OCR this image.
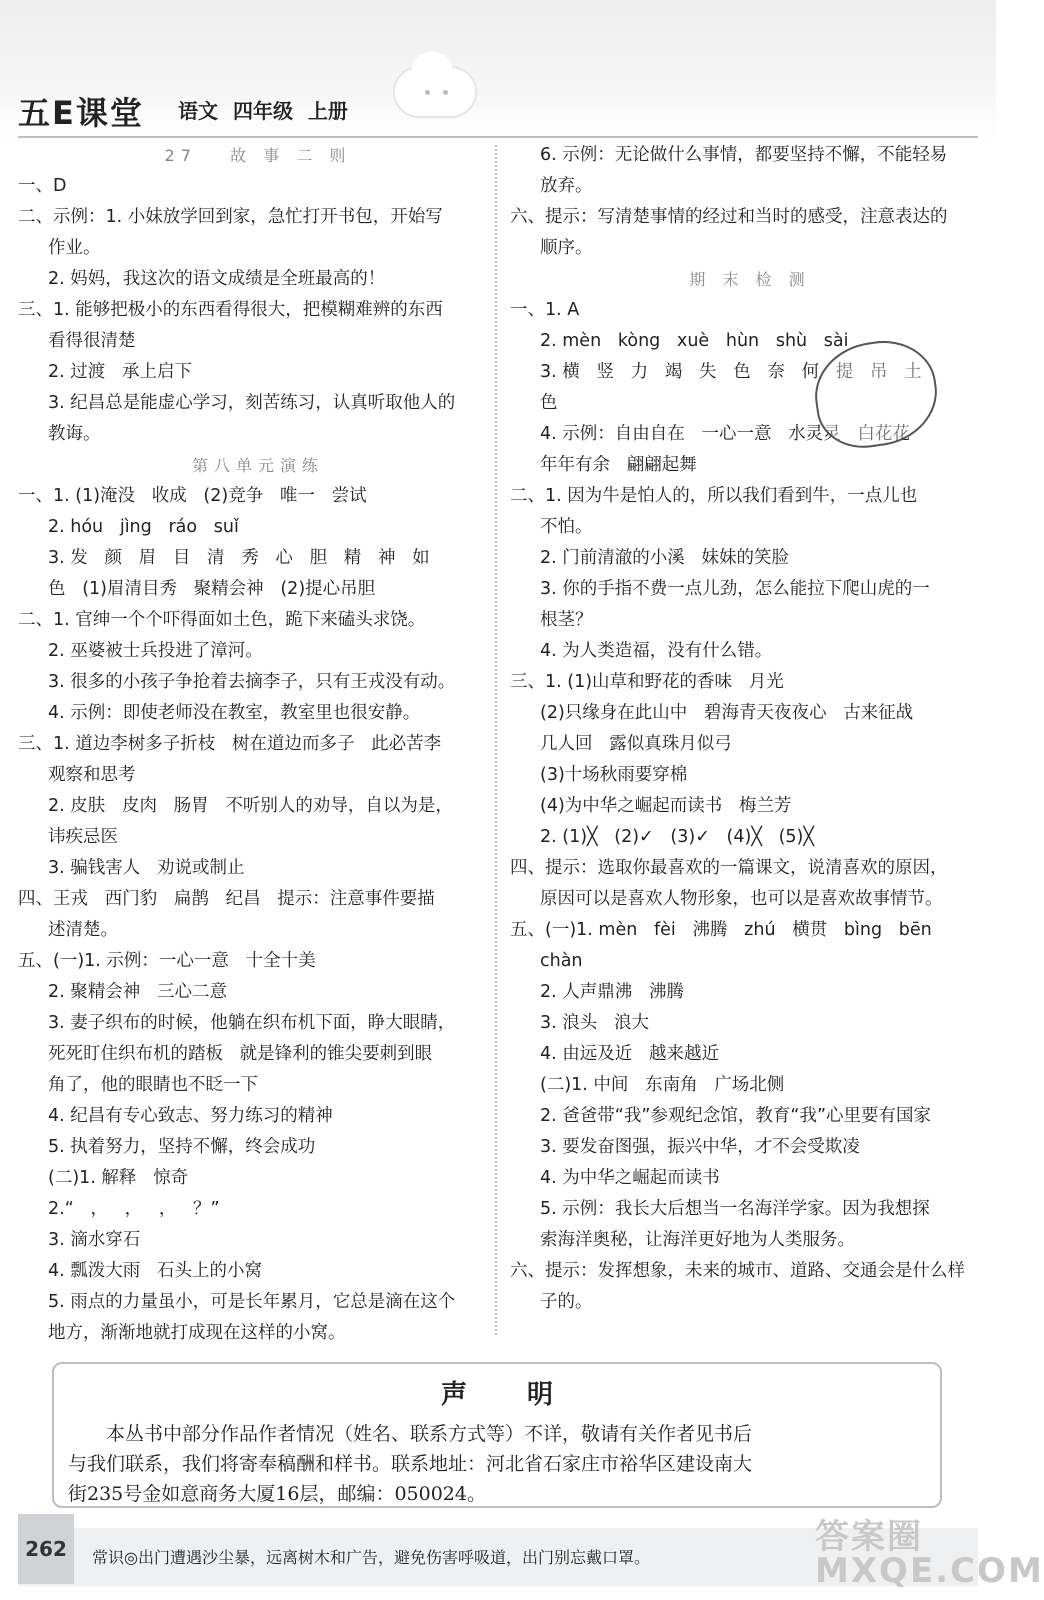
五E课堂 语文 四年级 上册
27   故 事 二 则
一、D
二、示例：1. 小妹放学回到家，急忙打开书包，开始写
作业。
2. 妈妈，我这次的语文成绩是全班最高的！
三、1. 能够把极小的东西看得很大，把模糊难辨的东西
看得很清楚
2. 过渡   承上启下
3. 纪昌总是能虚心学习，刻苦练习，认真听取他人的
教诲。
第八单元演练
一、1. (1)淹没   收成   (2)竞争   唯一   尝试
2. hóu   jìng   ráo   suǐ
3. 发   颜   眉   目   清   秀   心   胆   精   神   如
色   (1)眉清目秀   聚精会神   (2)提心吊胆
二、1. 官绅一个个吓得面如土色，跪下来磕头求饶。
2. 巫婆被士兵投进了漳河。
3. 很多的小孩子争抢着去摘李子，只有王戎没有动。
4. 示例：即使老师没在教室，教室里也很安静。
三、1. 道边李树多子折枝   树在道边而多子   此必苦李
观察和思考
2. 皮肤   皮肉   肠胃   不听别人的劝导，自以为是，
讳疾忌医
3. 骗钱害人   劝说或制止
四、王戎   西门豹   扁鹊   纪昌   提示：注意事件要描
述清楚。
五、(一)1. 示例：一心一意   十全十美
2. 聚精会神   三心二意
3. 妻子织布的时候，他躺在织布机下面，睁大眼睛，
死死盯住织布机的踏板   就是锋利的锥尖要刺到眼
角了，他的眼睛也不眨一下
4. 纪昌有专心致志、努力练习的精神
5. 执着努力，坚持不懈，终会成功
(二)1. 解释   惊奇
2.“   ，   ，   ，   ？”
3. 滴水穿石
4. 瓢泼大雨   石头上的小窝
5. 雨点的力量虽小，可是长年累月，它总是滴在这个
地方，渐渐地就打成现在这样的小窝。
6. 示例：无论做什么事情，都要坚持不懈，不能轻易
放弃。
六、提示：写清楚事情的经过和当时的感受，注意表达的
顺序。
期 末 检 测
一、1. A
2. mèn   kòng   xuè   hùn   shù   sài
3. 横   竖   力   竭   失   色   奈   何   提   吊   土
色
4. 示例：自由自在   一心一意   水灵灵   白花花
年年有余   翩翩起舞
二、1. 因为牛是怕人的，所以我们看到牛，一点儿也
不怕。
2. 门前清澈的小溪   妹妹的笑脸
3. 你的手指不费一点儿劲，怎么能拉下爬山虎的一
根茎？
4. 为人类造福，没有什么错。
三、1. (1)山草和野花的香味   月光
(2)只缘身在此山中   碧海青天夜夜心   古来征战
几人回   露似真珠月似弓
(3)十场秋雨要穿棉
(4)为中华之崛起而读书   梅兰芳
2. (1)╳   (2)✓   (3)✓   (4)╳   (5)╳
四、提示：选取你最喜欢的一篇课文，说清喜欢的原因，
原因可以是喜欢人物形象，也可以是喜欢故事情节。
五、(一)1. mèn   fèi   沸腾   zhú   横贯   bìng   bēn
chàn
2. 人声鼎沸   沸腾
3. 浪头   浪大
4. 由远及近   越来越近
(二)1. 中间   东南角   广场北侧
2. 爸爸带“我”参观纪念馆，教育“我”心里要有国家
3. 要发奋图强，振兴中华，才不会受欺凌
4. 为中华之崛起而读书
5. 示例：我长大后想当一名海洋学家。因为我想探
索海洋奥秘，让海洋更好地为人类服务。
六、提示：发挥想象，未来的城市、道路、交通会是什么样
子的。
声明
本丛书中部分作品作者情况（姓名、联系方式等）不详，敬请有关作者见书后
与我们联系，我们将寄奉稿酬和样书。联系地址：河北省石家庄市裕华区建设南大
街235号金如意商务大厦16层，邮编：050024。
262	常识◎出门遭遇沙尘暴，远离树木和广告，避免伤害呼吸道，出门别忘戴口罩。
答案圈
MXQE.COM
